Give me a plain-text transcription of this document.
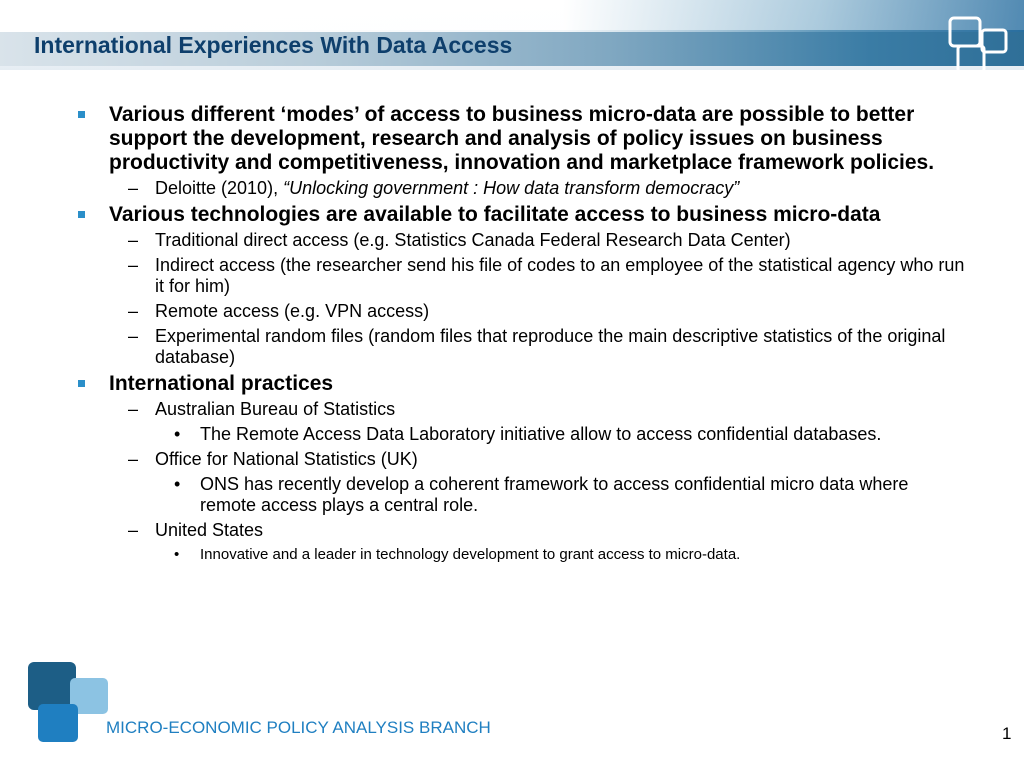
International Experiences With Data Access
Various different ‘modes’ of access to business micro-data are possible to better support the development, research and analysis of policy issues on business productivity and competitiveness, innovation and marketplace framework policies.
– Deloitte (2010), “Unlocking government : How data transform democracy”
Various technologies are available to facilitate access to business micro-data
– Traditional direct access (e.g. Statistics Canada Federal Research Data Center)
– Indirect access (the researcher send his file of codes to an employee of the statistical agency who run it for him)
– Remote access (e.g. VPN access)
– Experimental random files (random files that reproduce the main descriptive statistics of the original database)
International practices
– Australian Bureau of Statistics
• The Remote Access Data Laboratory initiative allow to access confidential databases.
– Office for National Statistics (UK)
• ONS has recently develop a coherent framework to access confidential micro data where remote access plays a central role.
– United States
• Innovative and a leader in technology development to grant access to micro-data.
MICRO-ECONOMIC POLICY ANALYSIS BRANCH	1
